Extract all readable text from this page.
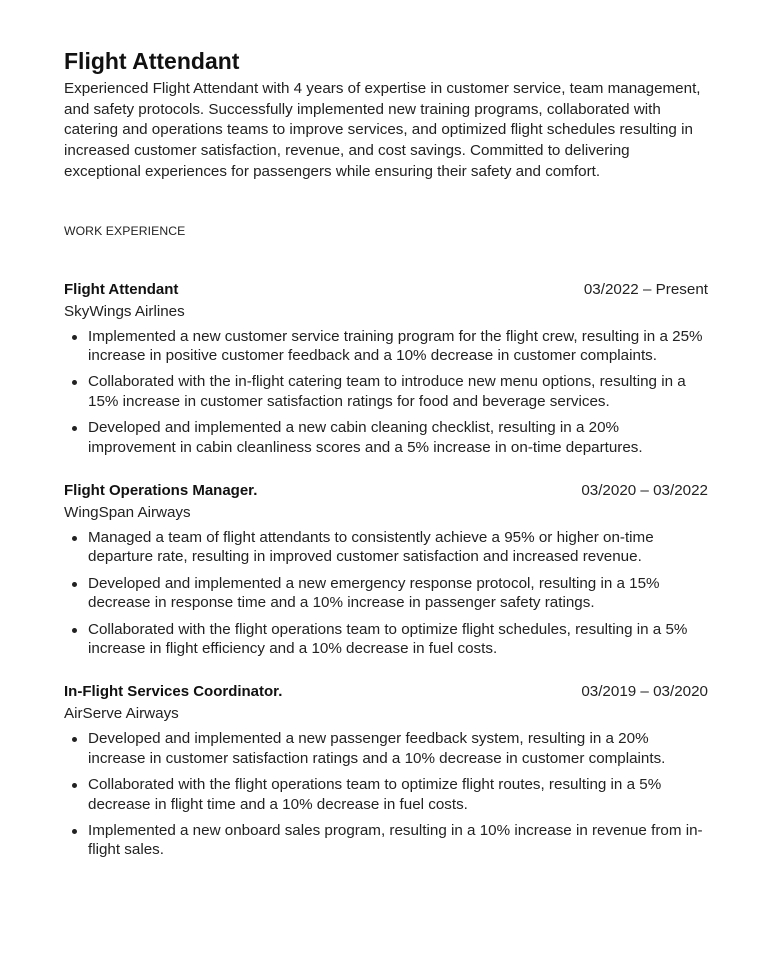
Flight Attendant

Experienced Flight Attendant with 4 years of expertise in customer service, team management, and safety protocols. Successfully implemented new training programs, collaborated with catering and operations teams to improve services, and optimized flight schedules resulting in increased customer satisfaction, revenue, and cost savings. Committed to delivering exceptional experiences for passengers while ensuring their safety and comfort.

WORK EXPERIENCE
Flight Attendant	03/2022 – Present
SkyWings Airlines
Implemented a new customer service training program for the flight crew, resulting in a 25% increase in positive customer feedback and a 10% decrease in customer complaints.
Collaborated with the in-flight catering team to introduce new menu options, resulting in a 15% increase in customer satisfaction ratings for food and beverage services.
Developed and implemented a new cabin cleaning checklist, resulting in a 20% improvement in cabin cleanliness scores and a 5% increase in on-time departures.
Flight Operations Manager.	03/2020 – 03/2022
WingSpan Airways
Managed a team of flight attendants to consistently achieve a 95% or higher on-time departure rate, resulting in improved customer satisfaction and increased revenue.
Developed and implemented a new emergency response protocol, resulting in a 15% decrease in response time and a 10% increase in passenger safety ratings.
Collaborated with the flight operations team to optimize flight schedules, resulting in a 5% increase in flight efficiency and a 10% decrease in fuel costs.
In-Flight Services Coordinator.	03/2019 – 03/2020
AirServe Airways
Developed and implemented a new passenger feedback system, resulting in a 20% increase in customer satisfaction ratings and a 10% decrease in customer complaints.
Collaborated with the flight operations team to optimize flight routes, resulting in a 5% decrease in flight time and a 10% decrease in fuel costs.
Implemented a new onboard sales program, resulting in a 10% increase in revenue from in-flight sales.
